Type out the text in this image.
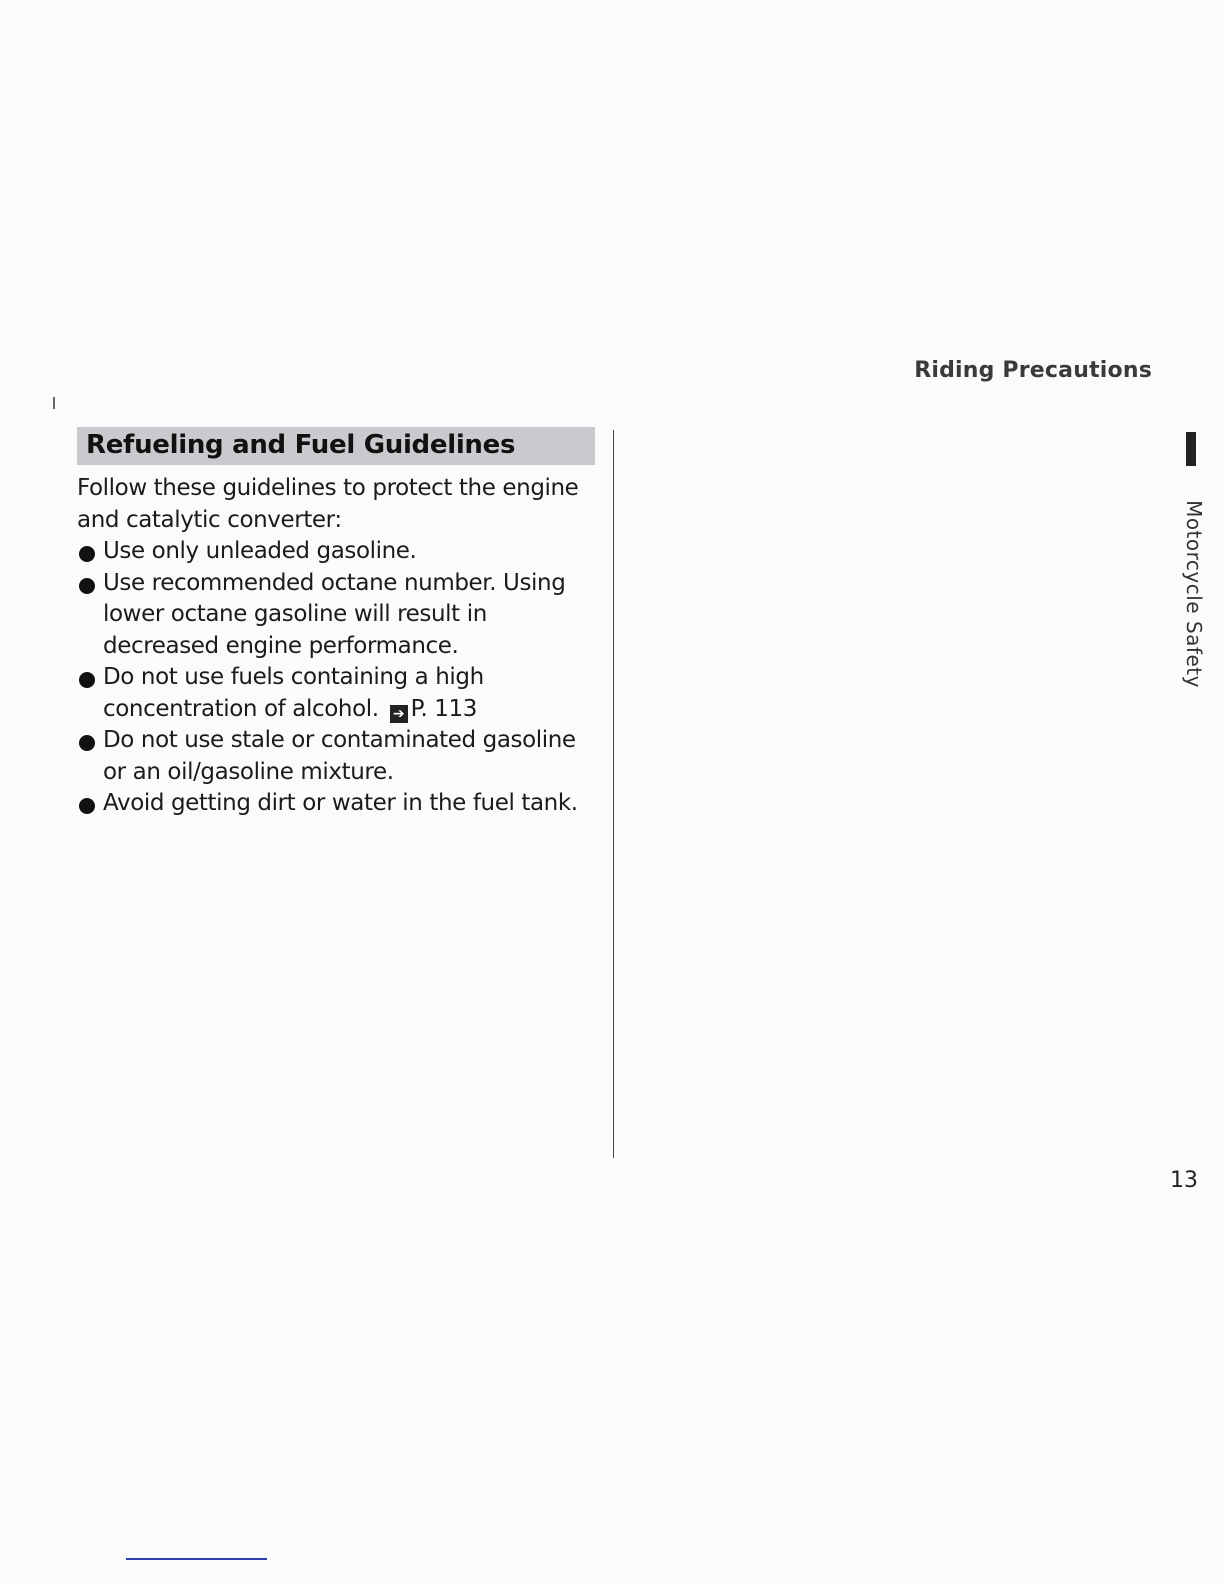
Riding Precautions
Motorcycle Safety
Refueling and Fuel Guidelines
Follow these guidelines to protect the engine and catalytic converter:
Use only unleaded gasoline.
Use recommended octane number. Using lower octane gasoline will result in decreased engine performance.
Do not use fuels containing a high concentration of alcohol. ➔ P. 113
Do not use stale or contaminated gasoline or an oil/gasoline mixture.
Avoid getting dirt or water in the fuel tank.
13
